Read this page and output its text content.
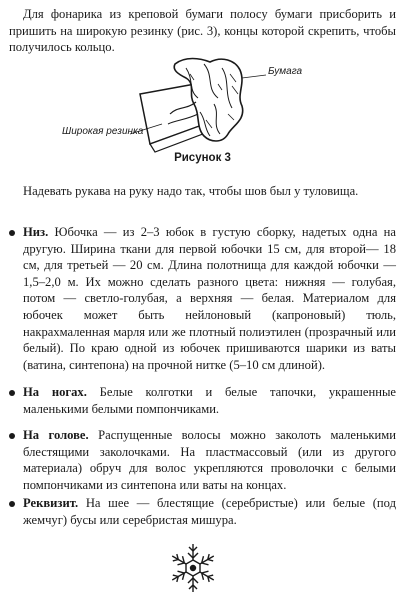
Для фонарика из креповой бумаги полосу бумаги присборить и пришить на широкую резинку (рис. 3), концы которой скрепить, чтобы получилось кольцо.

Бумага
Широкая резинка
Рисунок 3

Надевать рукава на руку надо так, чтобы шов был у туловища.

Низ. Юбочка — из 2–3 юбок в густую сборку, надетых одна на другую. Ширина ткани для первой юбочки 15 см, для второй— 18 см, для третьей — 20 см. Длина полотнища для каждой юбочки — 1,5–2,0 м. Их можно сделать разного цвета: нижняя — голубая, потом — светло-голубая, а верхняя — белая. Материалом для юбочек может быть нейлоновый (капроновый) тюль, накрахмаленная марля или же плотный полиэтилен (прозрачный или белый). По краю одной из юбочек пришиваются шарики из ваты (ватина, синтепона) на прочной нитке (5–10 см длиной).

На ногах. Белые колготки и белые тапочки, украшенные маленькими белыми помпончиками.

На голове. Распущенные волосы можно заколоть маленькими блестящими заколочками. На пластмассовый (или из другого материала) обруч для волос укрепляются проволочки с белыми помпончиками из синтепона или ваты на концах.

Реквизит. На шее — блестящие (серебристые) или белые (под жемчуг) бусы или серебристая мишура.
